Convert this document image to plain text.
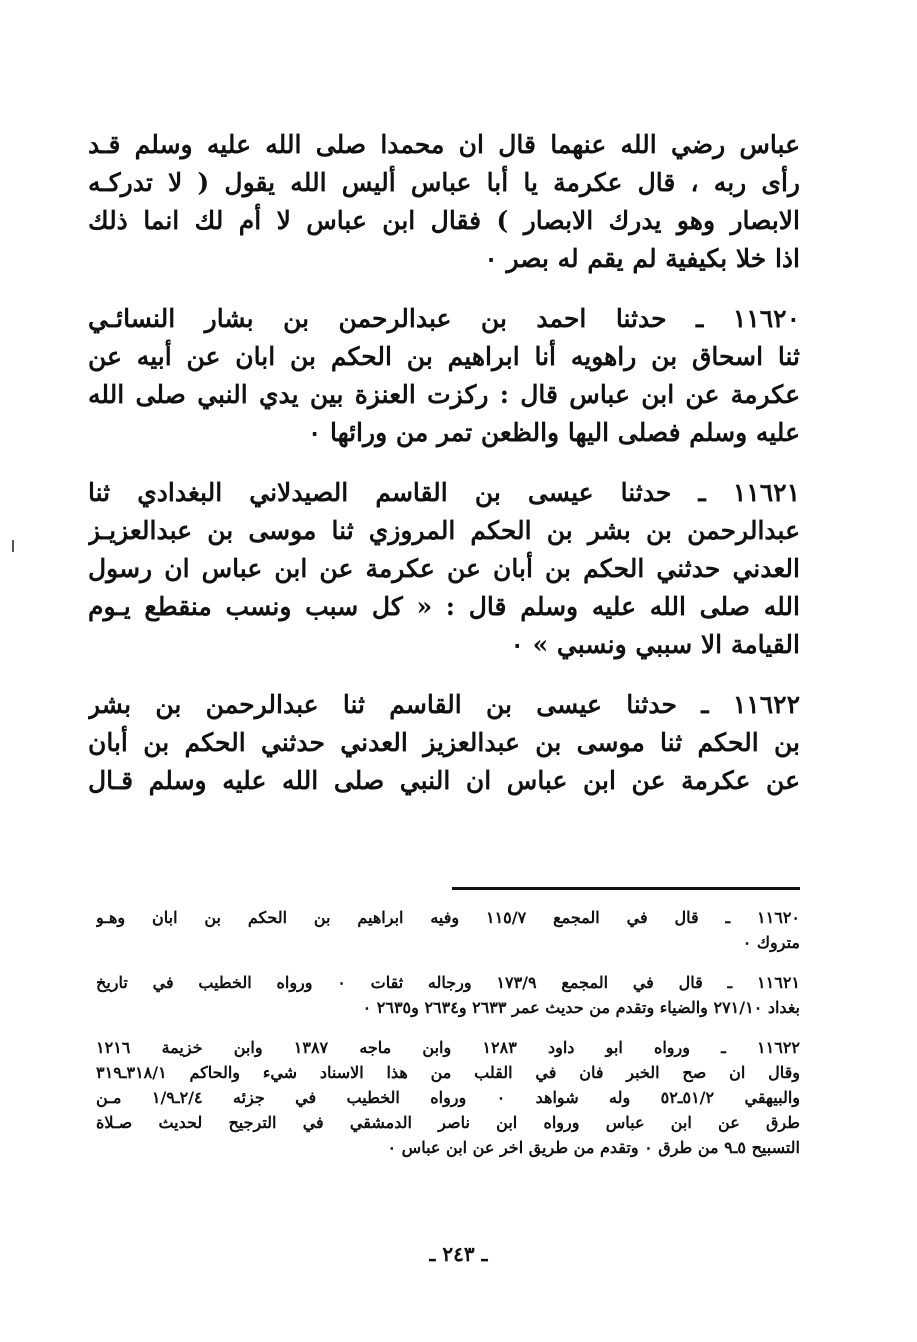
عباس رضي الله عنهما قال ان محمدا صلى الله عليه وسلم قـد
رأى ربه ، قال عكرمة يا أبا عباس أليس الله يقول ( لا تدركـه
الابصار وهو يدرك الابصار ) فقال ابن عباس لا أم لك انما ذلك
اذا خلا بكيفية لم يقم له بصر ٠
١١٦٢٠ ـ حدثنا احمد بن عبدالرحمن بن بشار النسائـي
ثنا اسحاق بن راهويه أنا ابراهيم بن الحكم بن ابان عن أبيه عن
عكرمة عن ابن عباس قال : ركزت العنزة بين يدي النبي صلى الله
عليه وسلم فصلى اليها والظعن تمر من ورائها ٠
١١٦٢١ ـ حدثنا عيسى بن القاسم الصيدلاني البغدادي ثنا
عبدالرحمن بن بشر بن الحكم المروزي ثنا موسى بن عبدالعزيـز
العدني حدثني الحكم بن أبان عن عكرمة عن ابن عباس ان رسول
الله صلى الله عليه وسلم قال : « كل سبب ونسب منقطع يـوم
القيامة الا سببي ونسبي » ٠
١١٦٢٢ ـ حدثنا عيسى بن القاسم ثنا عبدالرحمن بن بشر
بن الحكم ثنا موسى بن عبدالعزيز العدني حدثني الحكم بن أبان
عن عكرمة عن ابن عباس ان النبي صلى الله عليه وسلم قـال
١١٦٢٠ ـ قال في المجمع ١١٥/٧ وفيه ابراهيم بن الحكم بن ابان وهـو
متروك ٠
١١٦٢١ ـ قال في المجمع ١٧٣/٩ ورجاله ثقات ٠ ورواه الخطيب في تاريخ
بغداد ٢٧١/١٠ والضياء وتقدم من حديث عمر ٢٦٣٣ و٢٦٣٤ و٢٦٣٥ ٠
١١٦٢٢ ـ ورواه ابو داود ١٢٨٣ وابن ماجه ١٣٨٧ وابن خزيمة ١٢١٦
وقال ان صح الخبر فان في القلب من هذا الاسناد شيء والحاكم ٣١٨/١ـ٣١٩
والبيهقي ٥١/٢ـ٥٢ وله شواهد ٠ ورواه الخطيب في جزئه ٢/٤ـ١/٩ مـن
طرق عن ابن عباس ورواه ابن ناصر الدمشقي في الترجيح لحديث صـلاة
التسبيح ٥ـ٩ من طرق ٠ وتقدم من طريق اخر عن ابن عباس ٠
ـ ٢٤٣ ـ
